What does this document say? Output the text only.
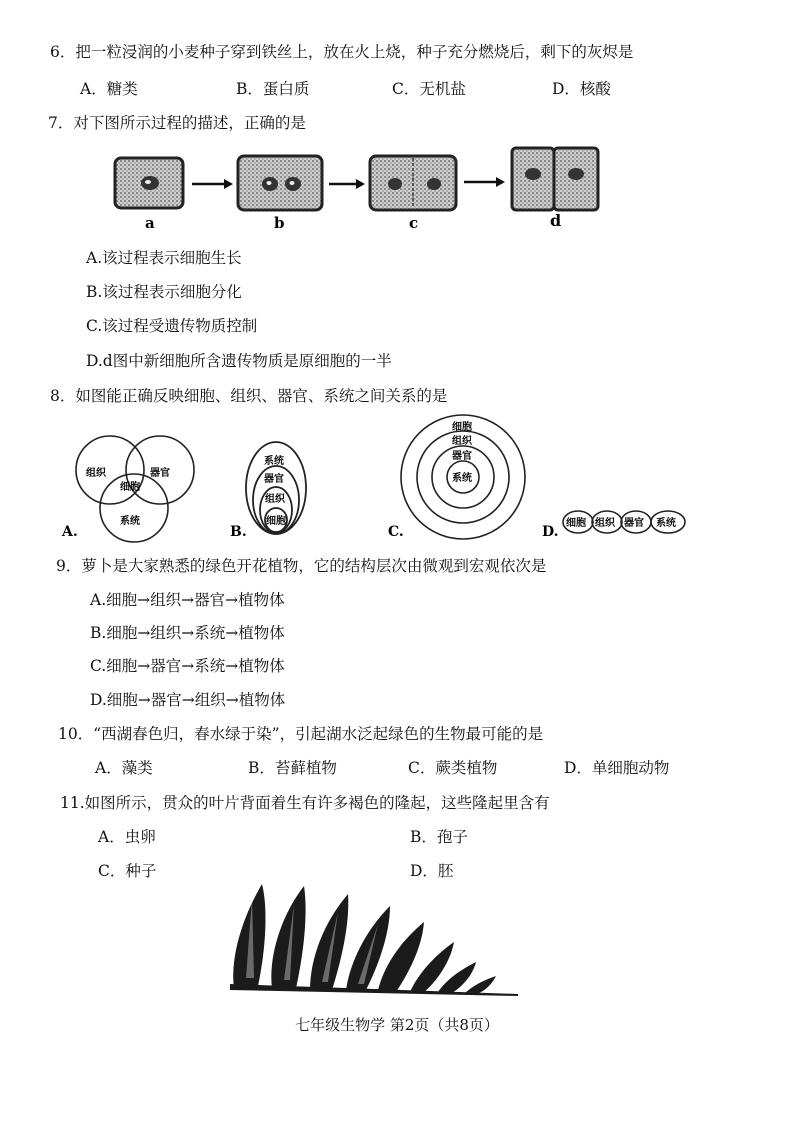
6．把一粒浸润的小麦种子穿到铁丝上，放在火上烧，种子充分燃烧后，剩下的灰烬是
A．糖类	B．蛋白质	C．无机盐	D．核酸
7．对下图所示过程的描述，正确的是
a	b	c	d
A.该过程表示细胞生长
B.该过程表示细胞分化
C.该过程受遗传物质控制
D.d图中新细胞所含遗传物质是原细胞的一半
8．如图能正确反映细胞、组织、器官、系统之间关系的是
组织	器官
细胞
系统
A.
系统
器官
组织
细胞
B.
细胞
组织
器官
系统
C.
细胞 组织 器官 系统
D.
9．萝卜是大家熟悉的绿色开花植物，它的结构层次由微观到宏观依次是
A.细胞→组织→器官→植物体
B.细胞→组织→系统→植物体
C.细胞→器官→系统→植物体
D.细胞→器官→组织→植物体
10．“西湖春色归，春水绿于染”，引起湖水泛起绿色的生物最可能的是
A．藻类	B．苔藓植物	C．蕨类植物	D．单细胞动物
11.如图所示，贯众的叶片背面着生有许多褐色的隆起，这些隆起里含有
A．虫卵	B．孢子
C．种子	D．胚
七年级生物学 第2页（共8页）
